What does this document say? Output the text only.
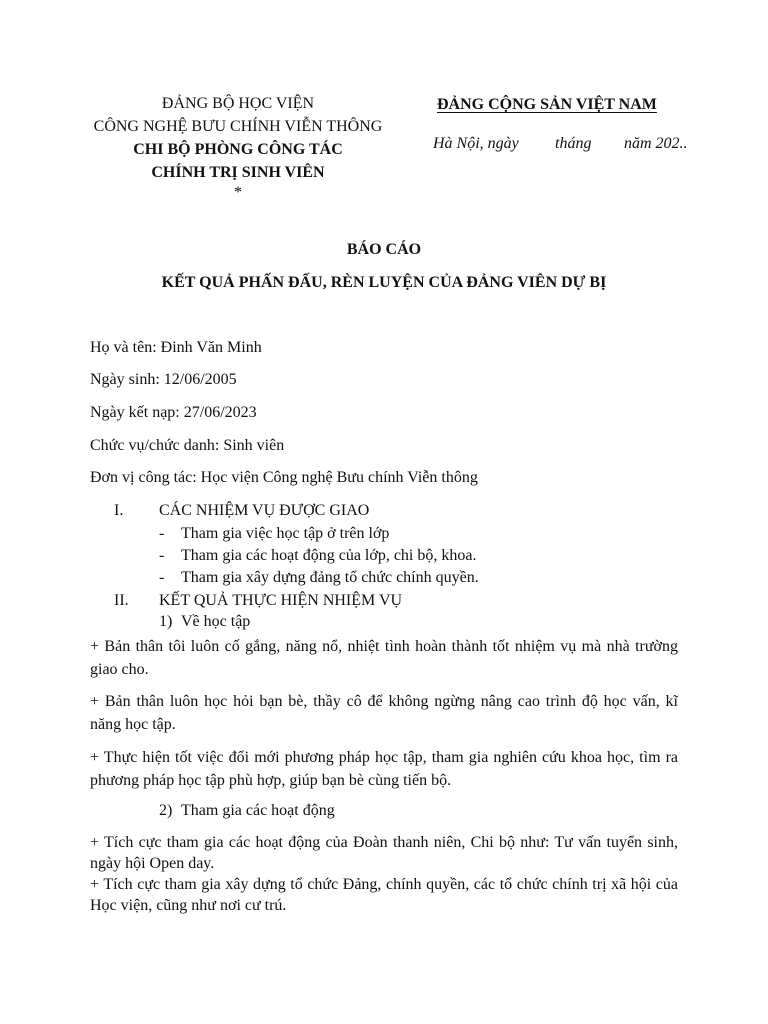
ĐẢNG BỘ HỌC VIỆN
CÔNG NGHỆ BƯU CHÍNH VIỄN THÔNG
CHI BỘ PHÒNG CÔNG TÁC
CHÍNH TRỊ SINH VIÊN
*
ĐẢNG CỘNG SẢN VIỆT NAM
Hà Nội, ngày tháng năm 202..
BÁO CÁO
KẾT QUẢ PHẤN ĐẤU, RÈN LUYỆN CỦA ĐẢNG VIÊN DỰ BỊ
Họ và tên: Đinh Văn Minh
Ngày sinh: 12/06/2005
Ngày kết nạp: 27/06/2023
Chức vụ/chức danh: Sinh viên
Đơn vị công tác: Học viện Công nghệ Bưu chính Viễn thông
I. CÁC NHIỆM VỤ ĐƯỢC GIAO
- Tham gia việc học tập ở trên lớp
- Tham gia các hoạt động của lớp, chi bộ, khoa.
- Tham gia xây dựng đảng tổ chức chính quyền.
II. KẾT QUẢ THỰC HIỆN NHIỆM VỤ
1) Về học tập
+ Bản thân tôi luôn cố gắng, năng nổ, nhiệt tình hoàn thành tốt nhiệm vụ mà nhà trường giao cho.
+ Bản thân luôn học hỏi bạn bè, thầy cô để không ngừng nâng cao trình độ học vấn, kĩ năng học tập.
+ Thực hiện tốt việc đổi mới phương pháp học tập, tham gia nghiên cứu khoa học, tìm ra phương pháp học tập phù hợp, giúp bạn bè cùng tiến bộ.
2) Tham gia các hoạt động
+ Tích cực tham gia các hoạt động của Đoàn thanh niên, Chi bộ như: Tư vấn tuyển sinh, ngày hội Open day.
+ Tích cực tham gia xây dựng tổ chức Đảng, chính quyền, các tổ chức chính trị xã hội của Học viện, cũng như nơi cư trú.
